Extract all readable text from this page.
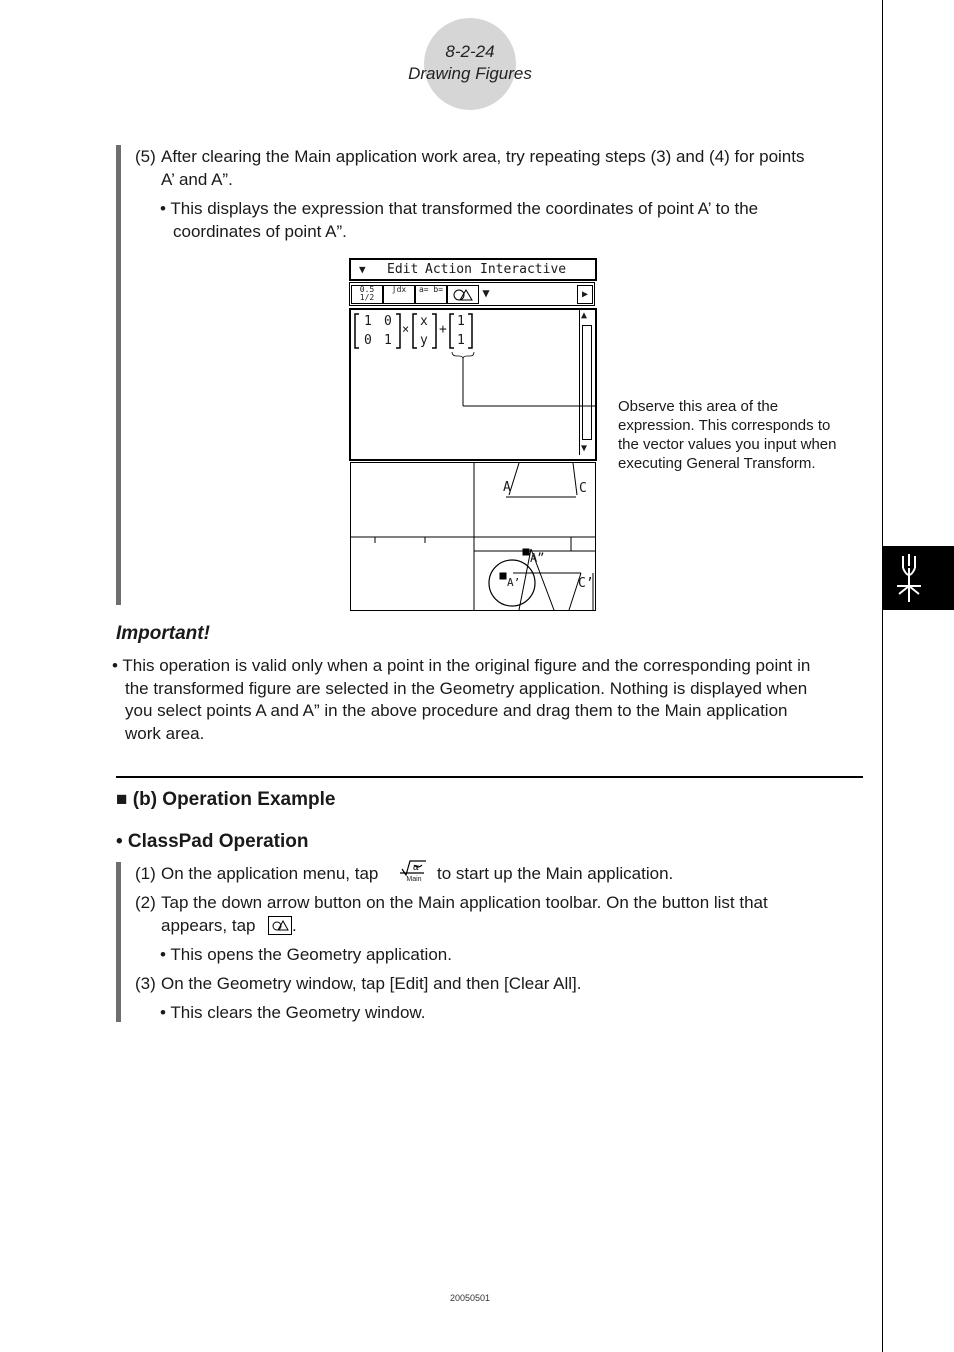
8-2-24
Drawing Figures
(5) After clearing the Main application work area, try repeating steps (3) and (4) for points
A’ and A”.
• This displays the expression that transformed the coordinates of point A’ to the
coordinates of point A”.
▼ Edit Action Interactive
0.5 1/2
∫dx	a= b=	▼	▶
1 0
0 1
× x
y
+
1
1
▲
▼
A	C
A”
A’	C’
Observe this area of the
expression. This corresponds to
the vector values you input when
executing General Transform.
Important!
• This operation is valid only when a point in the original figure and the corresponding point in
the transformed figure are selected in the Geometry application. Nothing is displayed when
you select points A and A” in the above procedure and drag them to the Main application
work area.
■ (b) Operation Example
• ClassPad Operation
(1) On the application menu, tap	α
Main to start up the Main application.
(2) Tap the down arrow button on the Main application toolbar. On the button list that
appears, tap .
• This opens the Geometry application.
(3) On the Geometry window, tap [Edit] and then [Clear All].
• This clears the Geometry window.
20050501
